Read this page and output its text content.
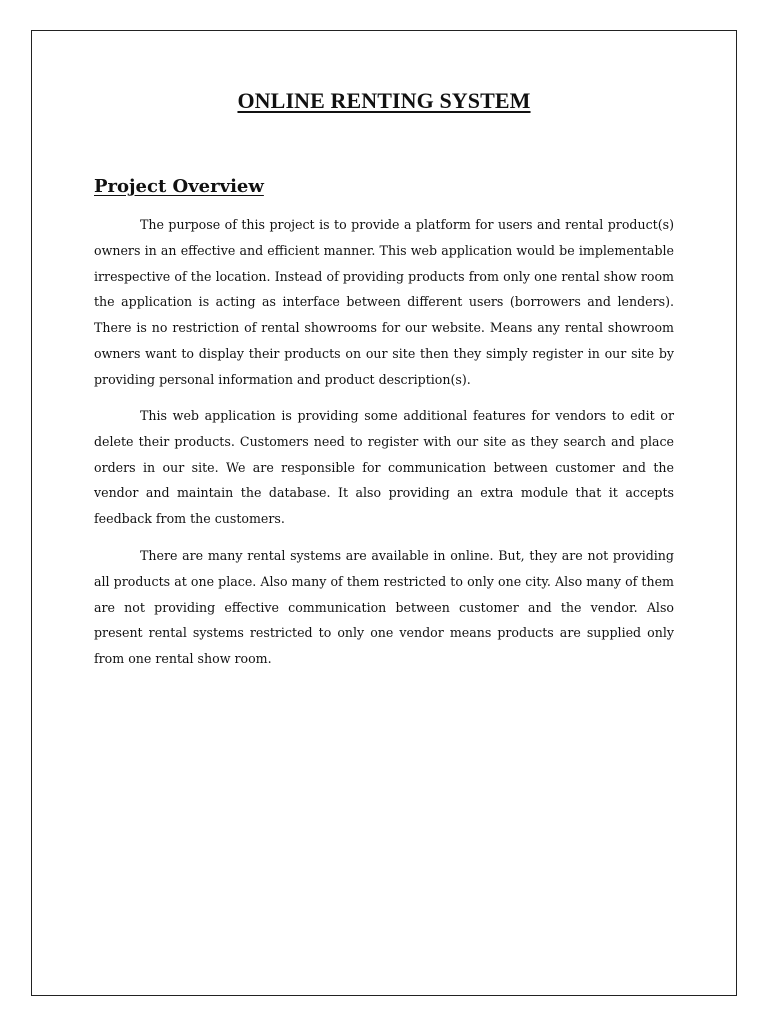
ONLINE RENTING SYSTEM
Project Overview

The purpose of this project is to provide a platform for users and rental product(s) owners in an effective and efficient manner. This web application would be implementable irrespective of the location. Instead of providing products from only one rental show room the application is acting as interface between different users (borrowers and lenders). There is no restriction of rental showrooms for our website. Means any rental showroom owners want to display their products on our site then they simply register in our site by providing personal information and product description(s).

This web application is providing some additional features for vendors to edit or delete their products. Customers need to register with our site as they search and place orders in our site. We are responsible for communication between customer and the vendor and maintain the database. It also providing an extra module that it accepts feedback from the customers.

There are many rental systems are available in online. But, they are not providing all products at one place. Also many of them restricted to only one city. Also many of them are not providing effective communication between customer and the vendor. Also present rental systems restricted to only one vendor means products are supplied only from one rental show room.
